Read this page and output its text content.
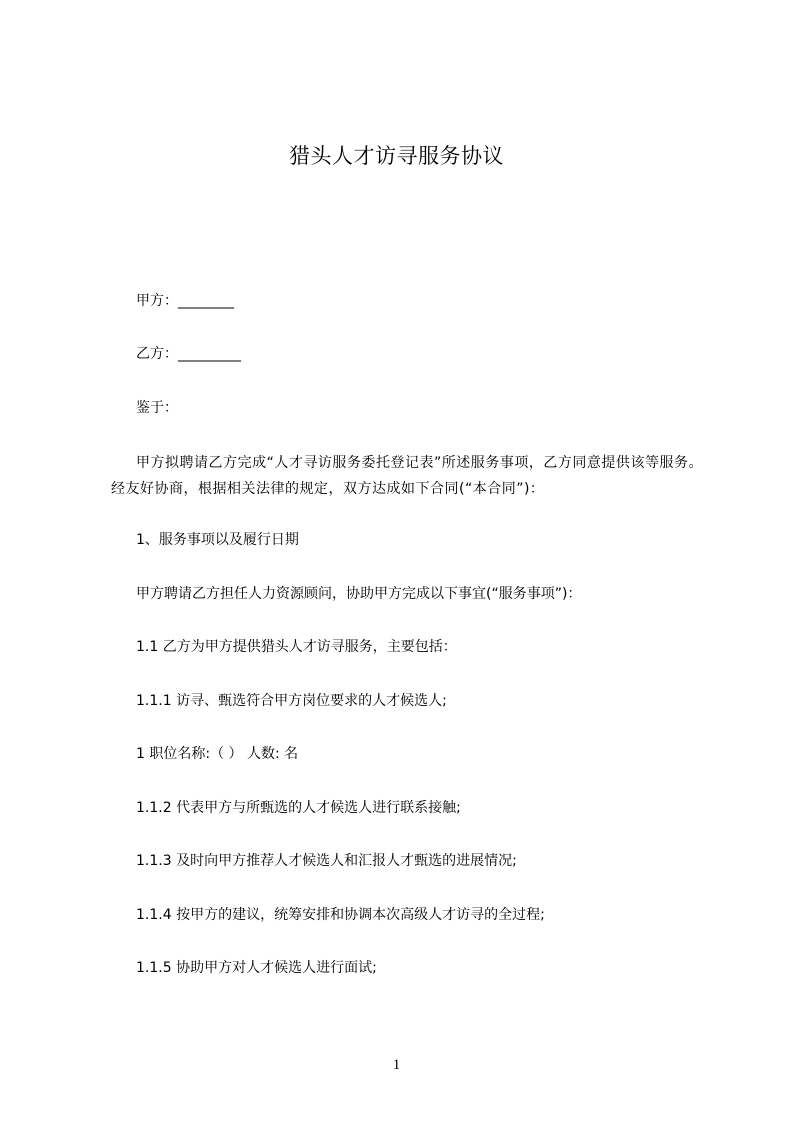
猎头人才访寻服务协议
甲方：________
乙方：_________
鉴于：
甲方拟聘请乙方完成“人才寻访服务委托登记表”所述服务事项，乙方同意提供该等服务。经友好协商，根据相关法律的规定，双方达成如下合同(“本合同”)：
1、服务事项以及履行日期
甲方聘请乙方担任人力资源顾问，协助甲方完成以下事宜(“服务事项”)：
1.1 乙方为甲方提供猎头人才访寻服务，主要包括：
1.1.1 访寻、甄选符合甲方岗位要求的人才候选人;
1 职位名称:（ ） 人数: 名
1.1.2 代表甲方与所甄选的人才候选人进行联系接触;
1.1.3 及时向甲方推荐人才候选人和汇报人才甄选的进展情况;
1.1.4 按甲方的建议，统筹安排和协调本次高级人才访寻的全过程;
1.1.5 协助甲方对人才候选人进行面试;
1
